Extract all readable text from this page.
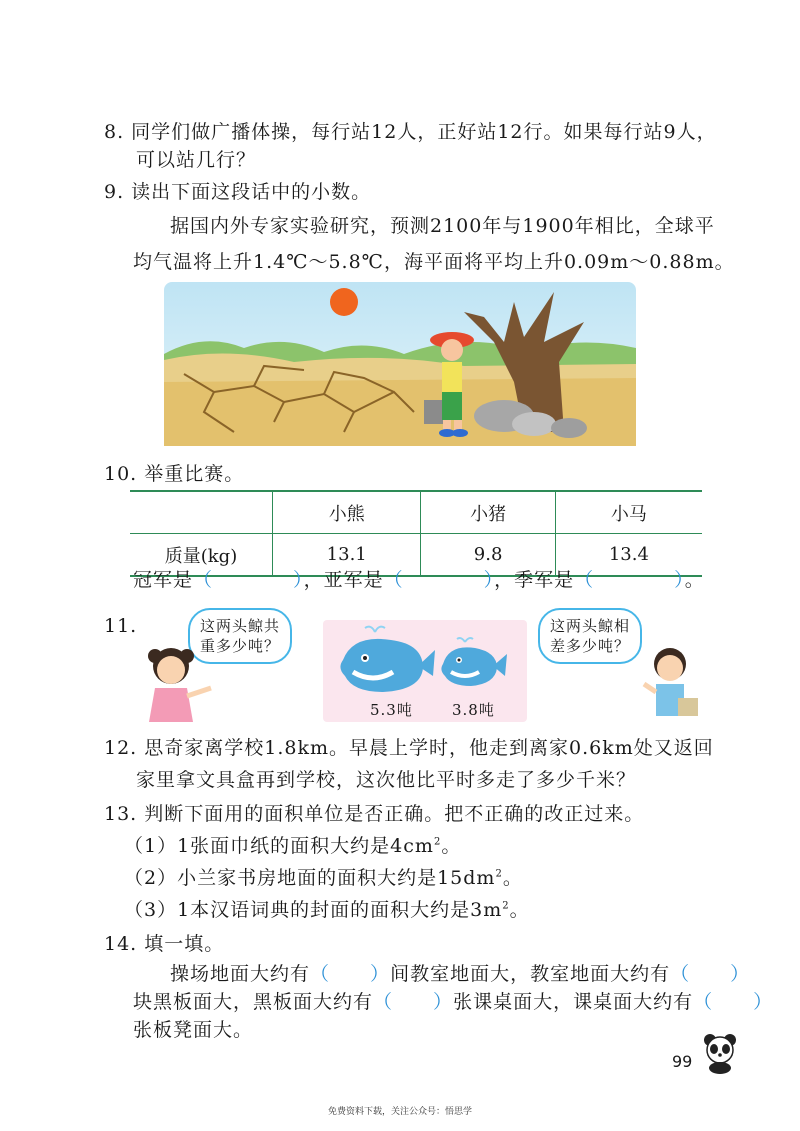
8. 同学们做广播体操，每行站12人，正好站12行。如果每行站9人，
可以站几行？
9. 读出下面这段话中的小数。
据国内外专家实验研究，预测2100年与1900年相比，全球平
均气温将上升1.4℃～5.8℃，海平面将平均上升0.09m～0.88m。
10. 举重比赛。
	小熊	小猪	小马
质量(kg)	13.1	9.8	13.4
冠军是（　　　　	），亚军是（　　　　	），季军是（　　　　	）。
11.	这两头鲸共
重多少吨？
这两头鲸相
差多少吨？
5.3吨	3.8吨
12. 思奇家离学校1.8km。早晨上学时，他走到离家0.6km处又返回
家里拿文具盒再到学校，这次他比平时多走了多少千米？
13. 判断下面用的面积单位是否正确。把不正确的改正过来。
（1）1张面巾纸的面积大约是$4cm^2$。
（2）小兰家书房地面的面积大约是$15dm^2$。
（3）1本汉语词典的封面的面积大约是$3m^2$。
14. 填一填。
操场地面大约有（　　 ）间教室地面大，教室地面大约有（　　 ）
块黑板面大，黑板面大约有（　　 ）张课桌面大，课桌面大约有（　　 ）
张板凳面大。
99
免费资料下载，关注公众号：悟思学
